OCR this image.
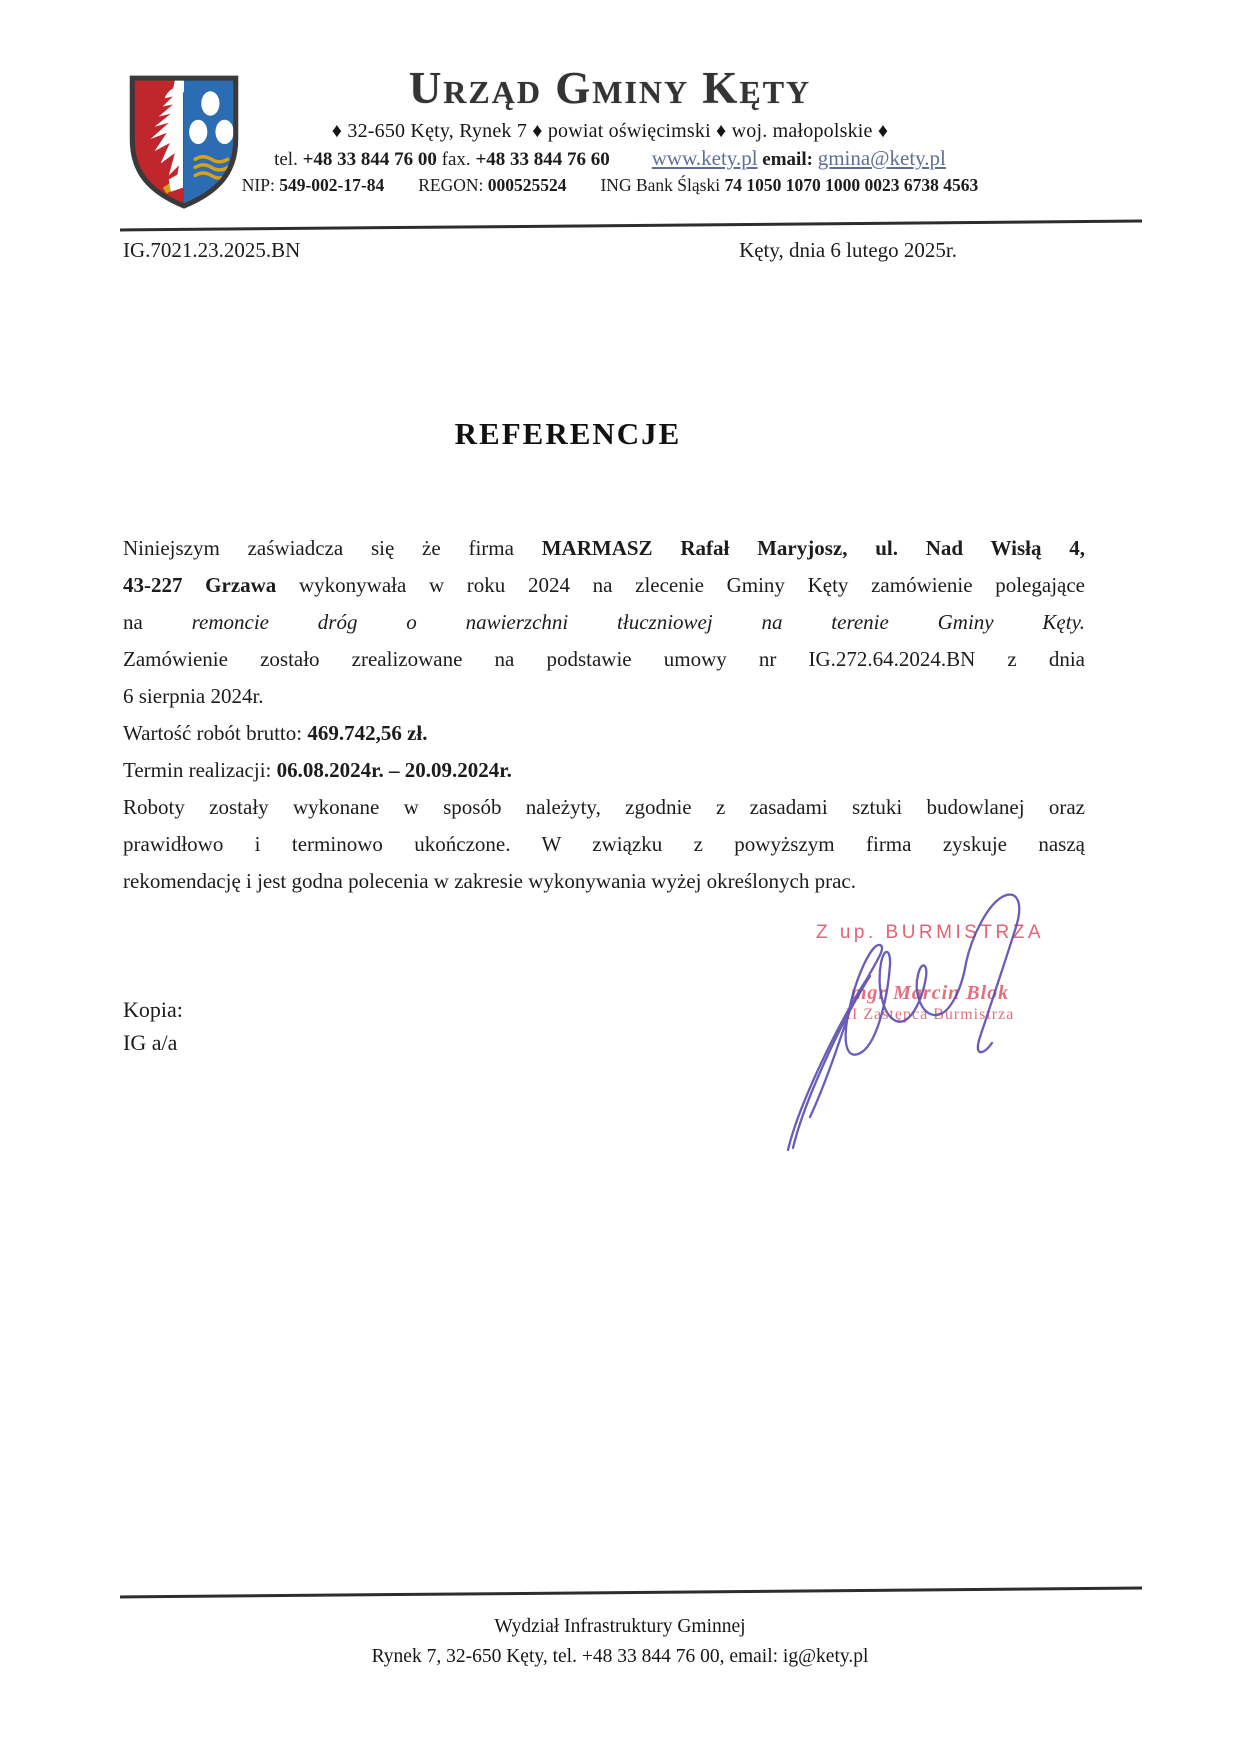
Urząd Gminy Kęty
♦ 32-650 Kęty, Rynek 7 ♦ powiat oświęcimski ♦ woj. małopolskie ♦
tel. +48 33 844 76 00 fax. +48 33 844 76 60 www.kety.pl email: gmina@kety.pl
NIP: 549-002-17-84 REGON: 000525524 ING Bank Śląski 74 1050 1070 1000 0023 6738 4563
IG.7021.23.2025.BN	Kęty, dnia 6 lutego 2025r.
REFERENCJE
Niniejszym zaświadcza się że firma MARMASZ Rafał Maryjosz, ul. Nad Wisłą 4,
43-227 Grzawa wykonywała w roku 2024 na zlecenie Gminy Kęty zamówienie polegające
na remoncie dróg o nawierzchni tłuczniowej na terenie Gminy Kęty.
Zamówienie zostało zrealizowane na podstawie umowy nr IG.272.64.2024.BN z dnia
6 sierpnia 2024r.
Wartość robót brutto: 469.742,56 zł.
Termin realizacji: 06.08.2024r. – 20.09.2024r.
Roboty zostały wykonane w sposób należyty, zgodnie z zasadami sztuki budowlanej oraz
prawidłowo i terminowo ukończone. W związku z powyższym firma zyskuje naszą
rekomendację i jest godna polecenia w zakresie wykonywania wyżej określonych prac.
Z up. BURMISTRZA
mgr Marcin Blok
II Zastępca Burmistrza
Kopia:
IG a/a
Wydział Infrastruktury Gminnej
Rynek 7, 32-650 Kęty, tel. +48 33 844 76 00, email: ig@kety.pl
